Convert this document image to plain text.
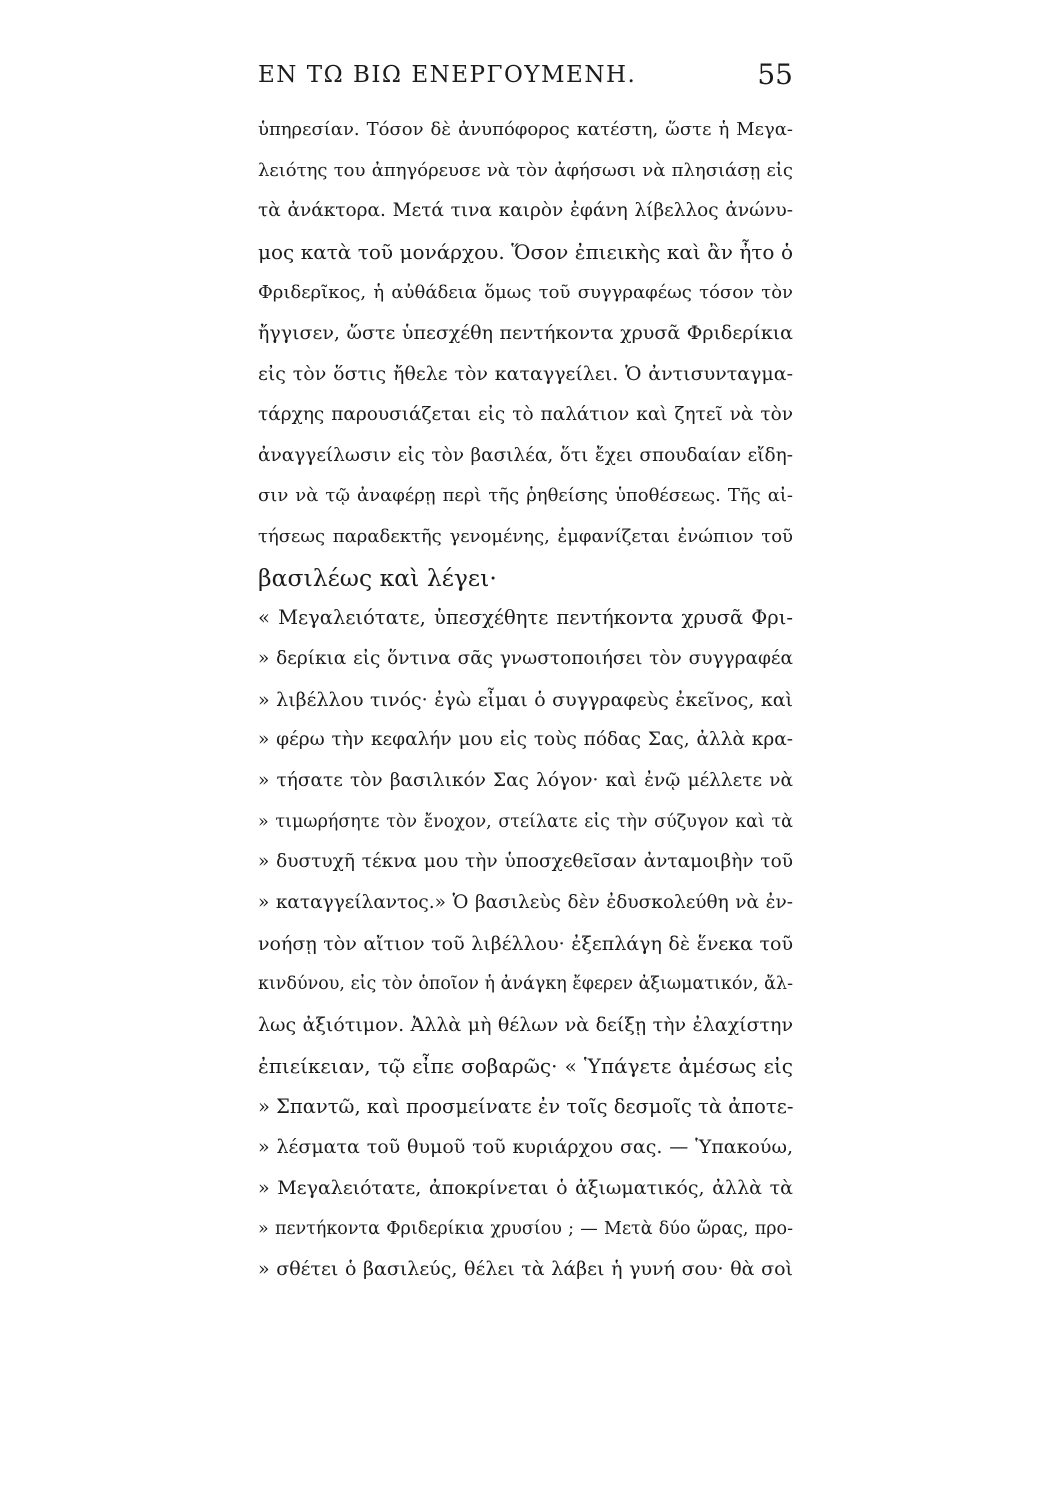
ΕΝ ΤΩ ΒΙΩ ΕΝΕΡΓΟΥΜΕΝΗ.	55
ὑπηρεσίαν. Τόσον δὲ ἀνυπόφορος κατέστη, ὥστε ἡ Μεγα-
λειότης του ἀπηγόρευσε νὰ τὸν ἀφήσωσι νὰ πλησιάσῃ εἰς
τὰ ἀνάκτορα. Μετά τινα καιρὸν ἐφάνη λίβελλος ἀνώνυ-
μος κατὰ τοῦ μονάρχου. Ὅσον ἐπιεικὴς καὶ ἂν ἦτο ὁ
Φριδερῖκος, ἡ αὐθάδεια ὅμως τοῦ συγγραφέως τόσον τὸν
ἤγγισεν, ὥστε ὑπεσχέθη πεντήκοντα χρυσᾶ Φριδερίκια
εἰς τὸν ὅστις ἤθελε τὸν καταγγείλει. Ὁ ἀντισυνταγμα-
τάρχης παρουσιάζεται εἰς τὸ παλάτιον καὶ ζητεῖ νὰ τὸν
ἀναγγείλωσιν εἰς τὸν βασιλέα, ὅτι ἔχει σπουδαίαν εἴδη-
σιν νὰ τῷ ἀναφέρῃ περὶ τῆς ῥηθείσης ὑποθέσεως. Τῆς αἰ-
τήσεως παραδεκτῆς γενομένης, ἐμφανίζεται ἐνώπιον τοῦ
βασιλέως καὶ λέγει·
« Μεγαλειότατε, ὑπεσχέθητε πεντήκοντα χρυσᾶ Φρι-
» δερίκια εἰς ὅντινα σᾶς γνωστοποιήσει τὸν συγγραφέα
» λιβέλλου τινός· ἐγὼ εἶμαι ὁ συγγραφεὺς ἐκεῖνος, καὶ
» φέρω τὴν κεφαλήν μου εἰς τοὺς πόδας Σας, ἀλλὰ κρα-
» τήσατε τὸν βασιλικόν Σας λόγον· καὶ ἐνῷ μέλλετε νὰ
» τιμωρήσητε τὸν ἔνοχον, στείλατε εἰς τὴν σύζυγον καὶ τὰ
» δυστυχῆ τέκνα μου τὴν ὑποσχεθεῖσαν ἀνταμοιβὴν τοῦ
» καταγγείλαντος.» Ὁ βασιλεὺς δὲν ἐδυσκολεύθη νὰ ἐν-
νοήσῃ τὸν αἴτιον τοῦ λιβέλλου· ἐξεπλάγη δὲ ἕνεκα τοῦ
κινδύνου, εἰς τὸν ὁποῖον ἡ ἀνάγκη ἔφερεν ἀξιωματικόν, ἄλ-
λως ἀξιότιμον. Ἀλλὰ μὴ θέλων νὰ δείξῃ τὴν ἐλαχίστην
ἐπιείκειαν, τῷ εἶπε σοβαρῶς· « Ὑπάγετε ἀμέσως εἰς
» Σπαντῶ, καὶ προσμείνατε ἐν τοῖς δεσμοῖς τὰ ἀποτε-
» λέσματα τοῦ θυμοῦ τοῦ κυριάρχου σας. — Ὑπακούω,
» Μεγαλειότατε, ἀποκρίνεται ὁ ἀξιωματικός, ἀλλὰ τὰ
» πεντήκοντα Φριδερίκια χρυσίου ; — Μετὰ δύο ὥρας, προ-
» σθέτει ὁ βασιλεύς, θέλει τὰ λάβει ἡ γυνή σου· θὰ σοὶ
